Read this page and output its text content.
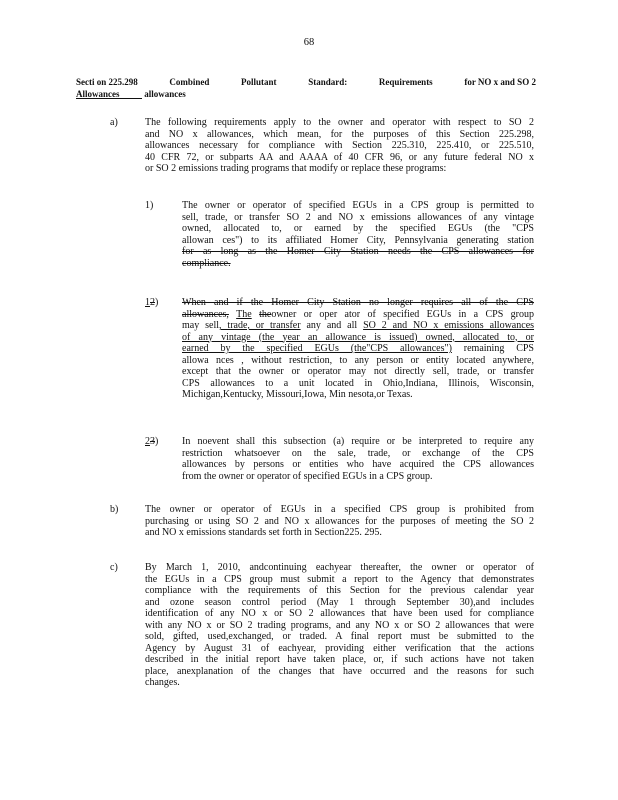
68
Secti on 225.298	Combined	Pollutant	Standard:	Requirements	for NO x and SO 2
Allowances	allowances
a)	The following requirements apply to the owner and operator with respect to SO 2
and NO x allowances, which mean, for the purposes of this Section 225.298,
allowances necessary for compliance with Section 225.310, 225.410, or 225.510,
40 CFR 72, or subparts AA and AAAA of 40 CFR 96, or any future federal NO x
or SO 2 emissions trading programs that modify or replace these programs:
1)	The owner or operator of specified EGUs in a CPS group is permitted to
sell, trade, or transfer SO 2 and NO x emissions allowances of any vintage
owned, allocated to, or earned by the specified EGUs (the "CPS
allowan ces") to its affiliated Homer City, Pennsylvania generating station
for as long as the Homer City Station needs the CPS allowances for
compliance.
12) When and if the Homer City Station no longer requires all of the CPS
allowances, The theowner or oper ator of specified EGUs in a CPS group
may sell, trade, or transfer any and all SO 2 and NO x emissions allowances
of any vintage (the year an allowance is issued) owned, allocated to, or
earned by the specified EGUs (the"CPS allowances") remaining CPS
allowa nces , without restriction, to any person or entity located anywhere,
except that the owner or operator may not directly sell, trade, or transfer
CPS allowances to a unit located in Ohio,Indiana, Illinois, Wisconsin,
Michigan,Kentucky, Missouri,Iowa, Min nesota,or Texas.
23) In noevent shall this subsection (a) require or be interpreted to require any
restriction whatsoever on the sale, trade, or exchange of the CPS
allowances by persons or entities who have acquired the CPS allowances
from the owner or operator of specified EGUs in a CPS group.
b)	The owner or operator of EGUs in a specified CPS group is prohibited from
purchasing or using SO 2 and NO x allowances for the purposes of meeting the SO 2
and NO x emissions standards set forth in Section225. 295.
c)	By March 1, 2010, andcontinuing eachyear thereafter, the owner or operator of
the EGUs in a CPS group must submit a report to the Agency that demonstrates
compliance with the requirements of this Section for the previous calendar year
and ozone season control period (May 1 through September 30),and includes
identification of any NO x or SO 2 allowances that have been used for compliance
with any NO x or SO 2 trading programs, and any NO x or SO 2 allowances that were
sold, gifted, used,exchanged, or traded. A final report must be submitted to the
Agency by August 31 of eachyear, providing either verification that the actions
described in the initial report have taken place, or, if such actions have not taken
place, anexplanation of the changes that have occurred and the reasons for such
changes.
